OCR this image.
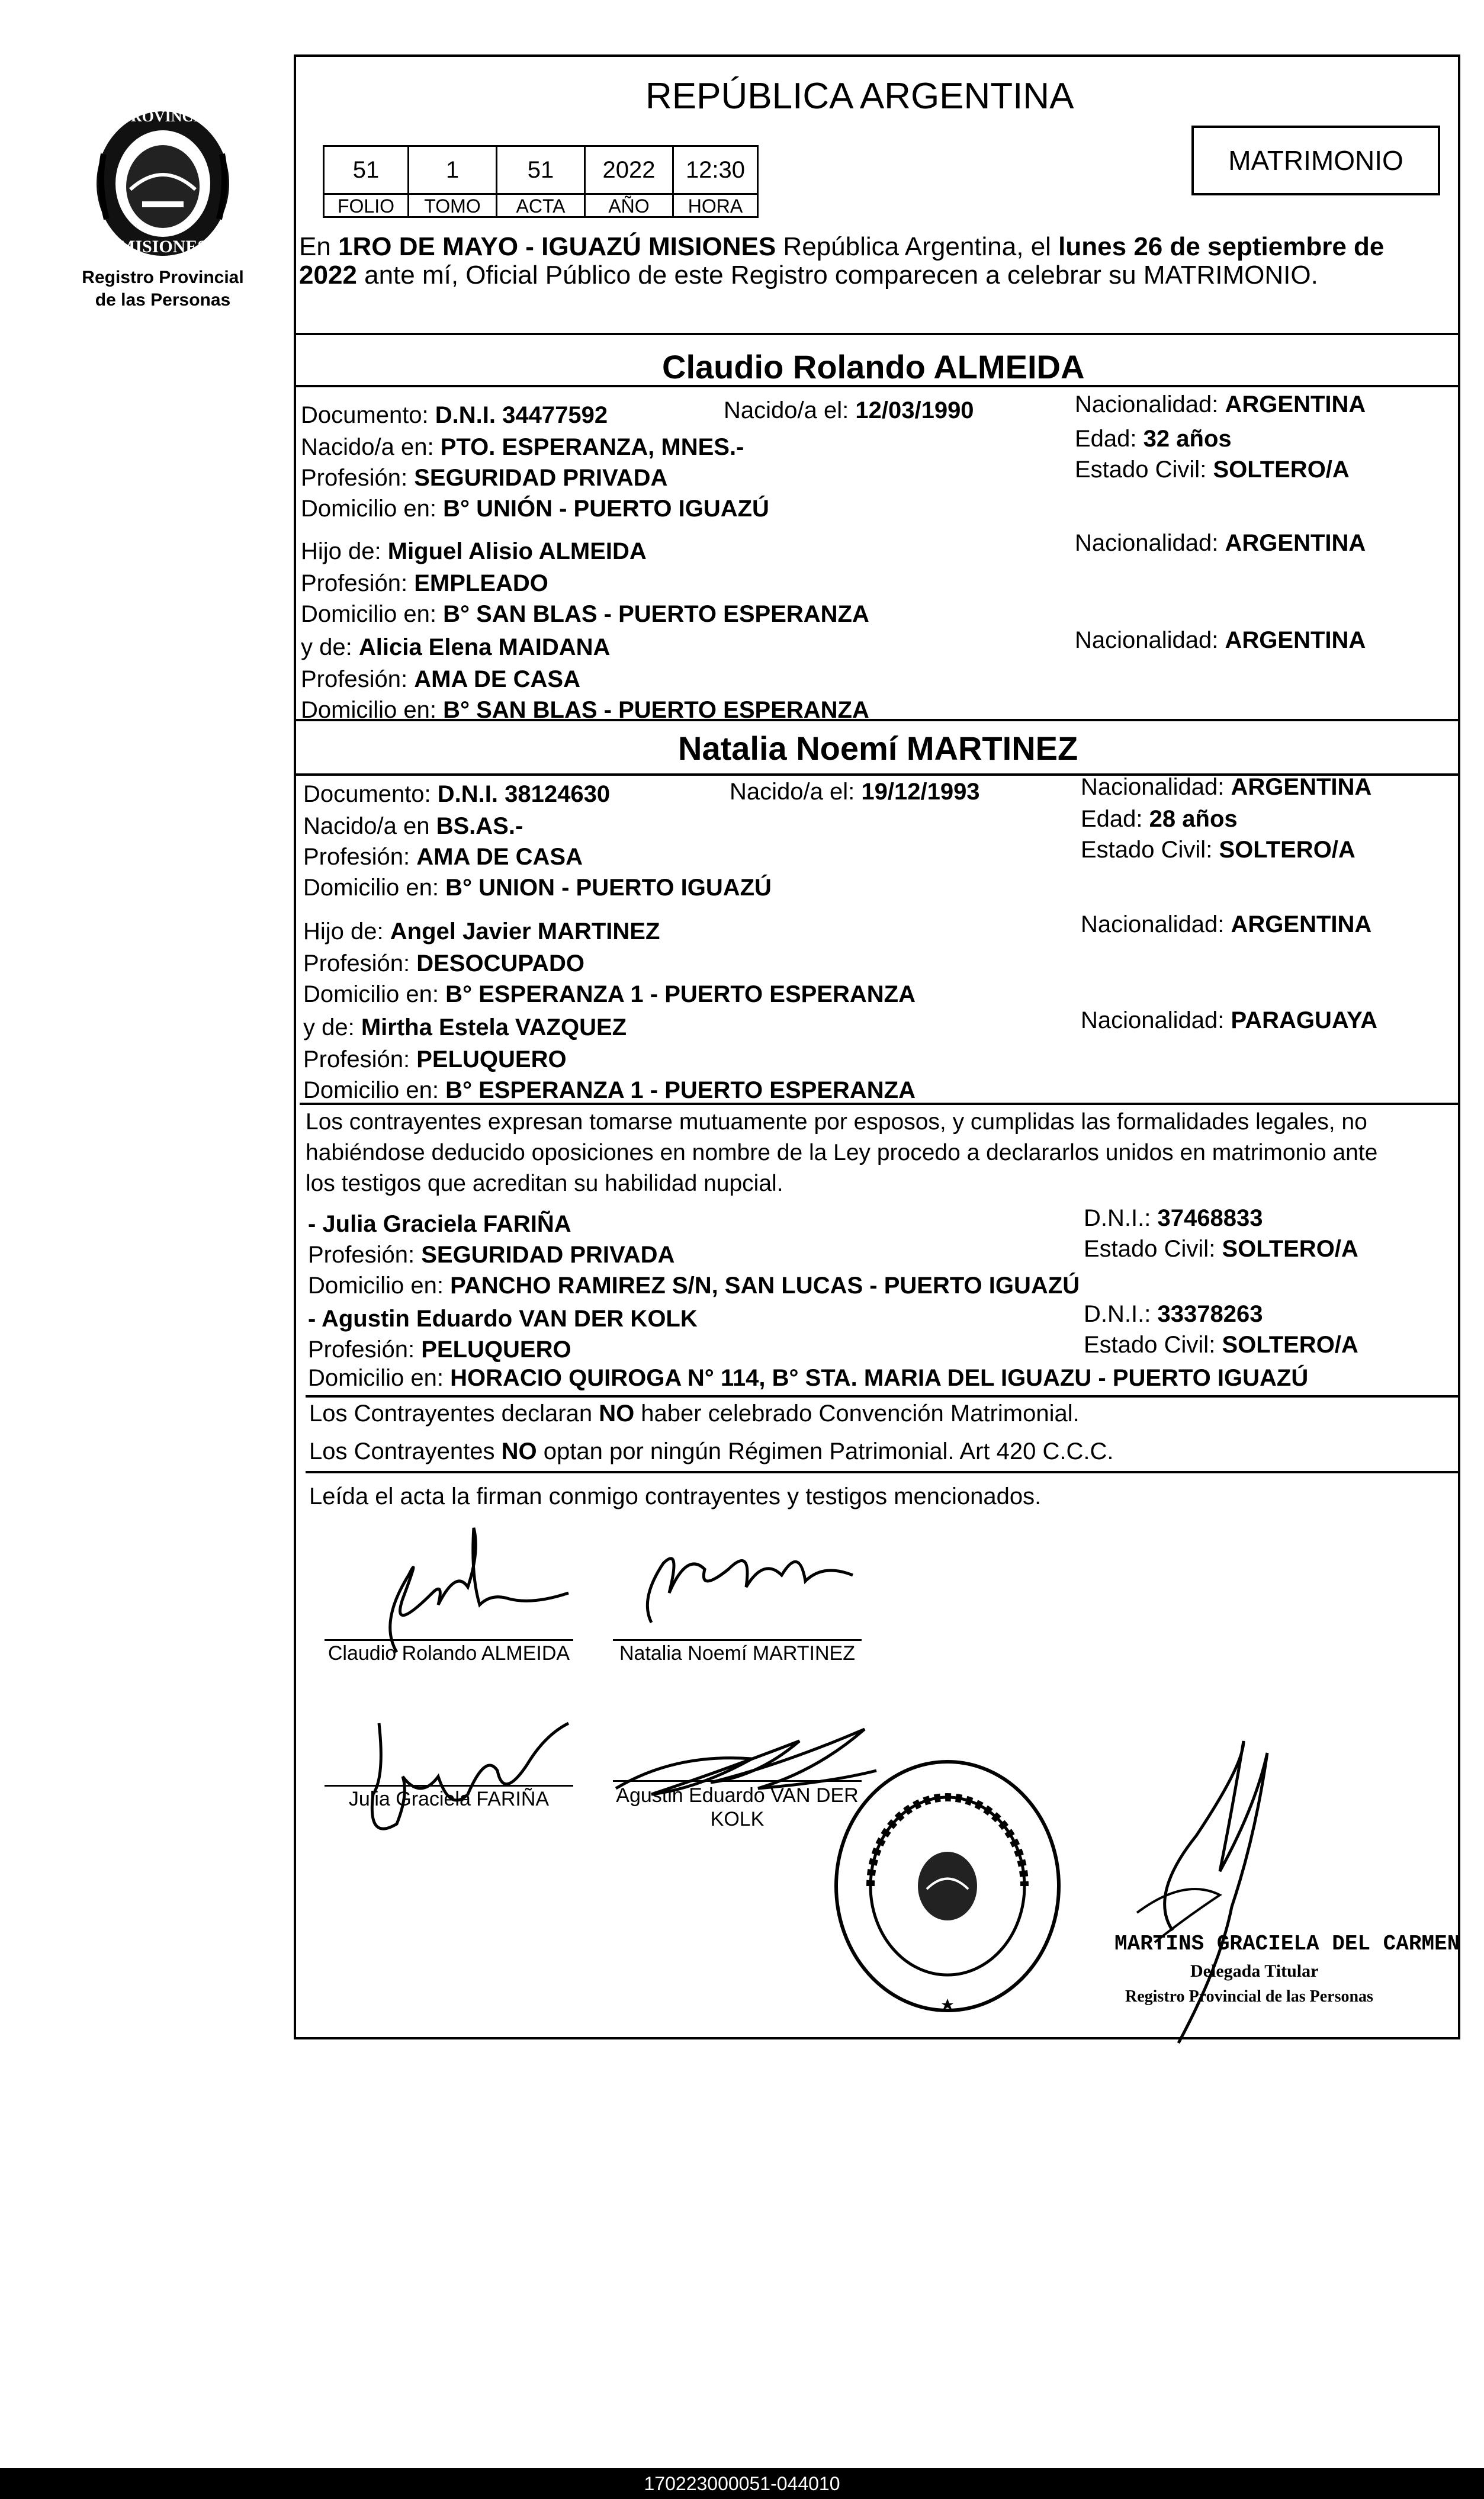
PROVINCIA DE
MISIONES
Registro Provincial
de las Personas
REPÚBLICA ARGENTINA
51	1	51	2022	12:30
FOLIO	TOMO	ACTA	AÑO	HORA
MATRIMONIO
En 1RO DE MAYO - IGUAZÚ MISIONES República Argentina, el lunes 26 de septiembre de
2022 ante mí, Oficial Público de este Registro comparecen a celebrar su MATRIMONIO.
Claudio Rolando ALMEIDA
Documento: D.N.I. 34477592	Nacido/a el: 12/03/1990	Nacionalidad: ARGENTINA
Nacido/a en: PTO. ESPERANZA, MNES.-	Edad: 32 años
Profesión: SEGURIDAD PRIVADA	Estado Civil: SOLTERO/A
Domicilio en: B° UNIÓN - PUERTO IGUAZÚ
Hijo de: Miguel Alisio ALMEIDA	Nacionalidad: ARGENTINA
Profesión: EMPLEADO
Domicilio en: B° SAN BLAS - PUERTO ESPERANZA
y de: Alicia Elena MAIDANA	Nacionalidad: ARGENTINA
Profesión: AMA DE CASA
Domicilio en: B° SAN BLAS - PUERTO ESPERANZA
Natalia Noemí MARTINEZ
Documento: D.N.I. 38124630	Nacido/a el: 19/12/1993	Nacionalidad: ARGENTINA
Nacido/a en BS.AS.-	Edad: 28 años
Profesión: AMA DE CASA	Estado Civil: SOLTERO/A
Domicilio en: B° UNION - PUERTO IGUAZÚ
Hijo de: Angel Javier MARTINEZ	Nacionalidad: ARGENTINA
Profesión: DESOCUPADO
Domicilio en: B° ESPERANZA 1 - PUERTO ESPERANZA
y de: Mirtha Estela VAZQUEZ	Nacionalidad: PARAGUAYA
Profesión: PELUQUERO
Domicilio en: B° ESPERANZA 1 - PUERTO ESPERANZA
Los contrayentes expresan tomarse mutuamente por esposos, y cumplidas las formalidades legales, no
habiéndose deducido oposiciones en nombre de la Ley procedo a declararlos unidos en matrimonio ante
los testigos que acreditan su habilidad nupcial.
- Julia Graciela FARIÑA	D.N.I.: 37468833
Profesión: SEGURIDAD PRIVADA	Estado Civil: SOLTERO/A
Domicilio en: PANCHO RAMIREZ S/N, SAN LUCAS - PUERTO IGUAZÚ
- Agustin Eduardo VAN DER KOLK	D.N.I.: 33378263
Profesión: PELUQUERO	Estado Civil: SOLTERO/A
Domicilio en: HORACIO QUIROGA N° 114, B° STA. MARIA DEL IGUAZU - PUERTO IGUAZÚ
Los Contrayentes declaran NO haber celebrado Convención Matrimonial.
Los Contrayentes NO optan por ningún Régimen Patrimonial. Art 420 C.C.C.
Leída el acta la firman conmigo contrayentes y testigos mencionados.
Claudio Rolando ALMEIDA	Natalia Noemí MARTINEZ
Julia Graciela FARIÑA	Agustin Eduardo VAN DER
KOLK
MARTINS GRACIELA DEL CARMEN
Delegada Titular
Registro Provincial de las Personas
170223000051-044010
